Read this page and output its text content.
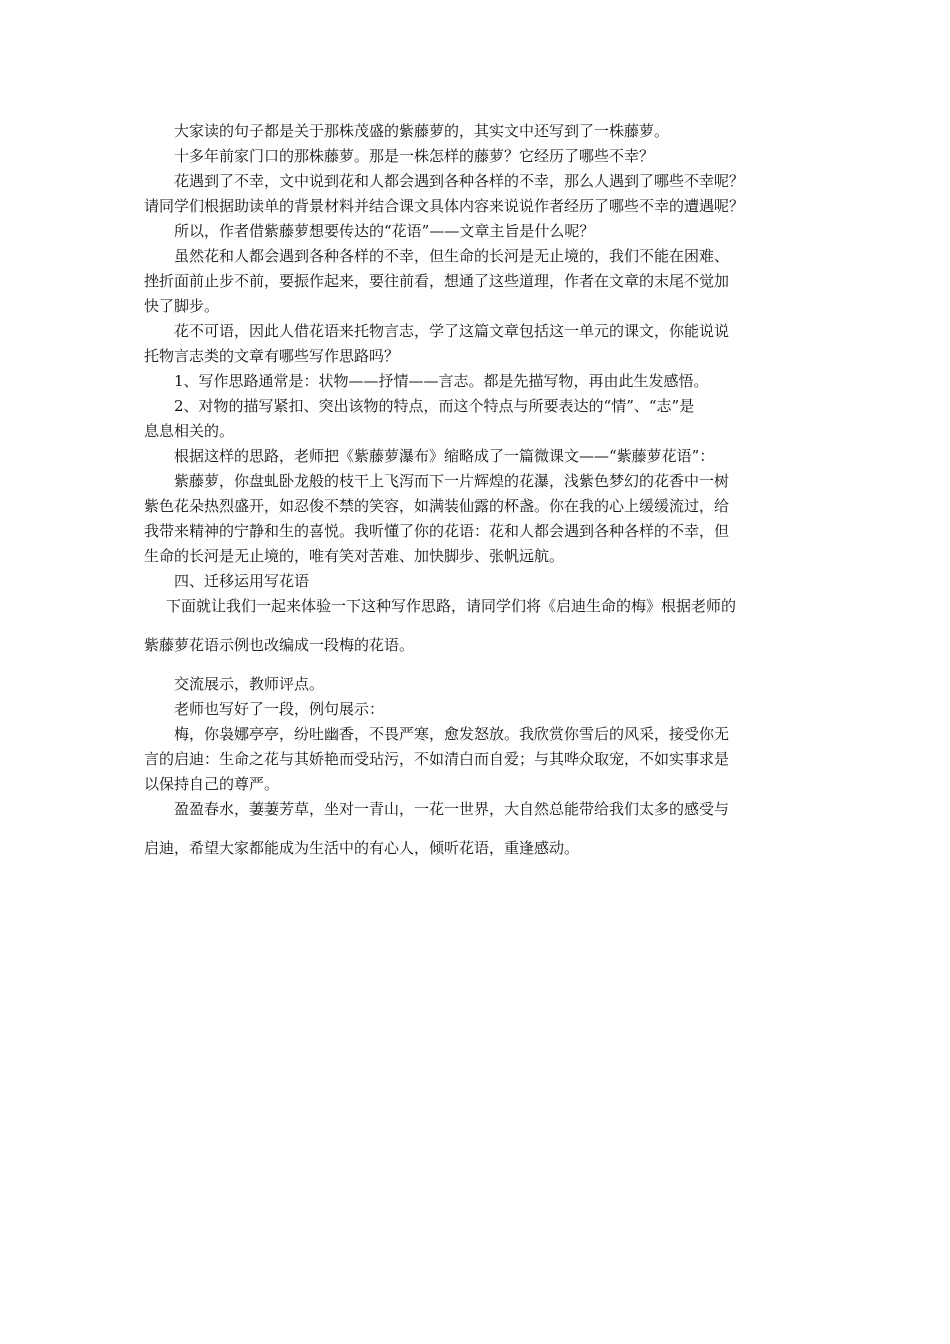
大家读的句子都是关于那株茂盛的紫藤萝的，其实文中还写到了一株藤萝。
十多年前家门口的那株藤萝。那是一株怎样的藤萝？它经历了哪些不幸？
花遇到了不幸，文中说到花和人都会遇到各种各样的不幸，那么人遇到了哪些不幸呢？
请同学们根据助读单的背景材料并结合课文具体内容来说说作者经历了哪些不幸的遭遇呢？
所以，作者借紫藤萝想要传达的“花语”——文章主旨是什么呢？
虽然花和人都会遇到各种各样的不幸，但生命的长河是无止境的，我们不能在困难、
挫折面前止步不前，要振作起来，要往前看，想通了这些道理，作者在文章的末尾不觉加
快了脚步。
花不可语，因此人借花语来托物言志，学了这篇文章包括这一单元的课文，你能说说
托物言志类的文章有哪些写作思路吗？
1、写作思路通常是：状物——抒情——言志。都是先描写物，再由此生发感悟。
2、对物的描写紧扣、突出该物的特点，而这个特点与所要表达的“情”、“志”是
息息相关的。
根据这样的思路，老师把《紫藤萝瀑布》缩略成了一篇微课文——“紫藤萝花语”：
紫藤萝，你盘虬卧龙般的枝干上飞泻而下一片辉煌的花瀑，浅紫色梦幻的花香中一树
紫色花朵热烈盛开，如忍俊不禁的笑容，如满装仙露的杯盏。你在我的心上缓缓流过，给
我带来精神的宁静和生的喜悦。我听懂了你的花语：花和人都会遇到各种各样的不幸，但
生命的长河是无止境的，唯有笑对苦难、加快脚步、张帆远航。
四、迁移运用写花语
下面就让我们一起来体验一下这种写作思路，请同学们将《启迪生命的梅》根据老师的
紫藤萝花语示例也改编成一段梅的花语。
交流展示，教师评点。
老师也写好了一段，例句展示：
梅，你袅娜亭亭，纷吐幽香，不畏严寒，愈发怒放。我欣赏你雪后的风采，接受你无
言的启迪：生命之花与其娇艳而受玷污，不如清白而自爱；与其哗众取宠，不如实事求是
以保持自己的尊严。
盈盈春水，萋萋芳草，坐对一青山，一花一世界，大自然总能带给我们太多的感受与
启迪，希望大家都能成为生活中的有心人，倾听花语，重逢感动。
